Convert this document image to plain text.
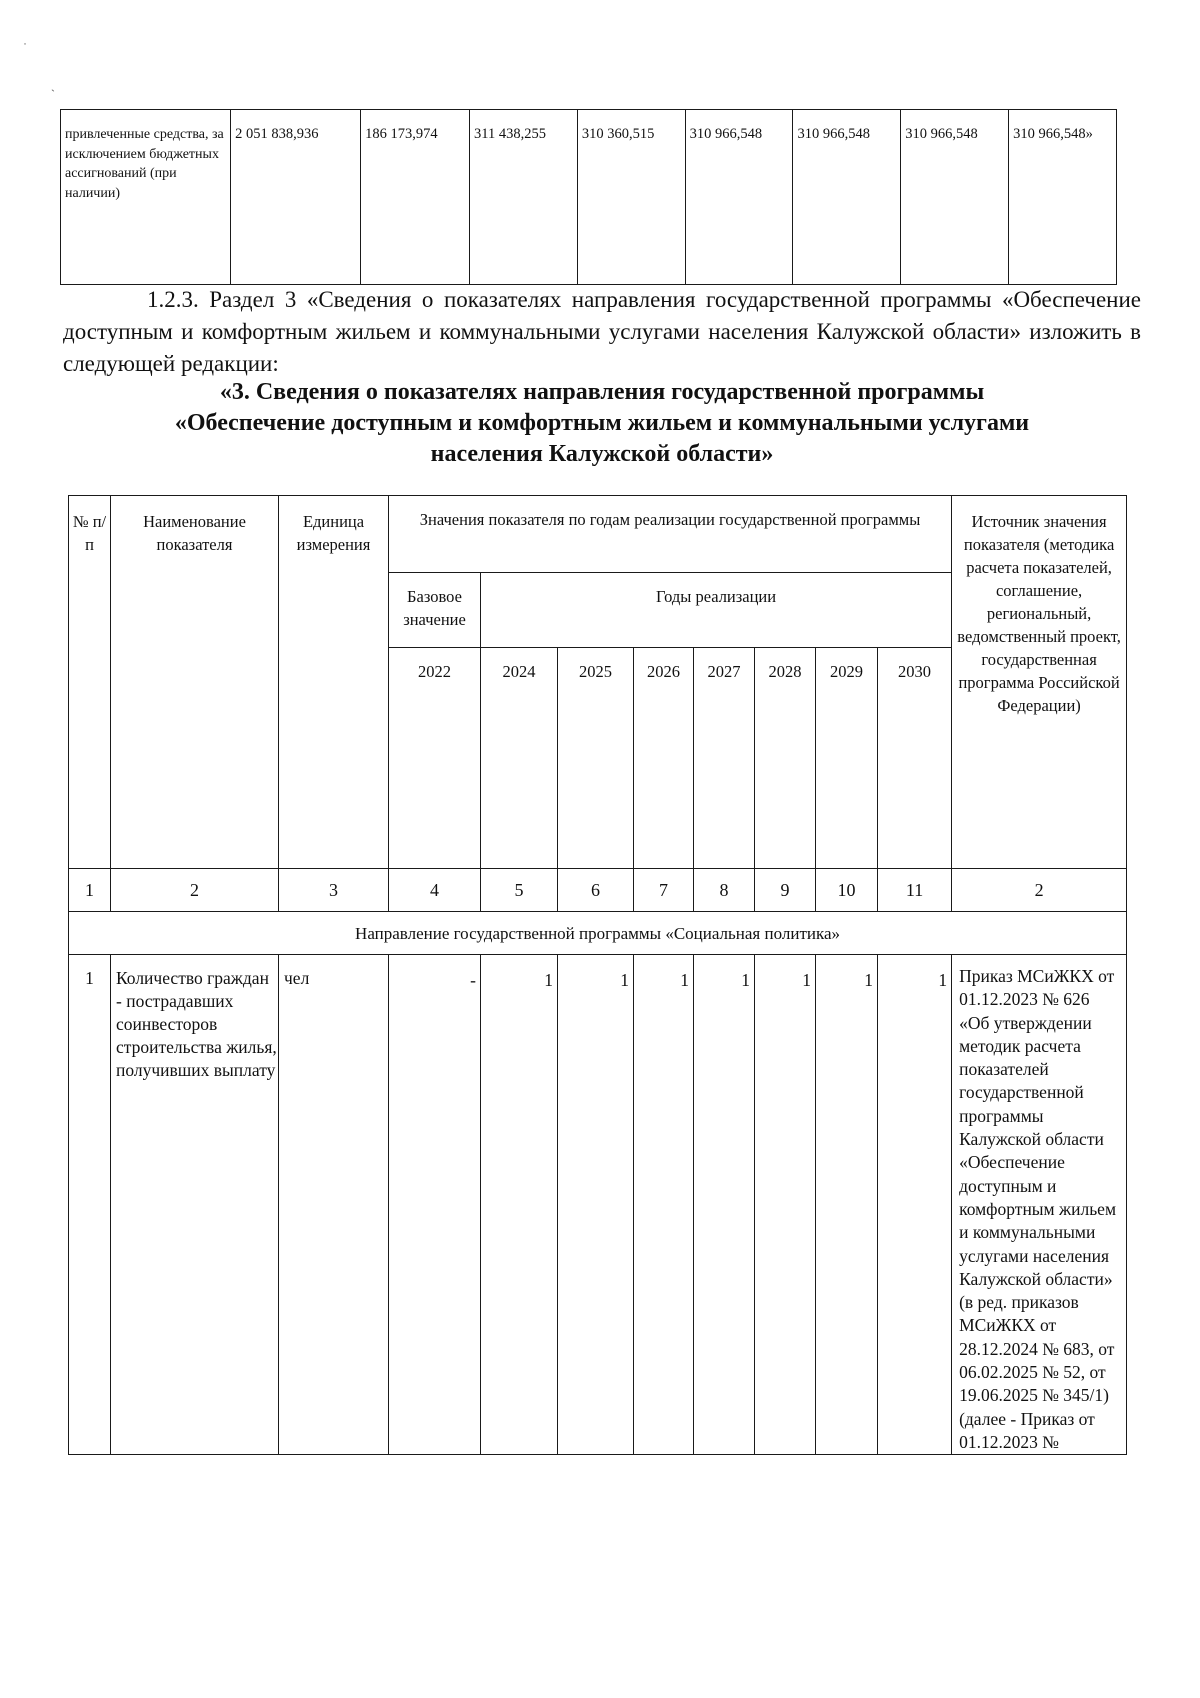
˙
ˏ
привлеченные средства, за исключением бюджетных ассигнований (при наличии)	2 051 838,936	186 173,974	311 438,255	310 360,515	310 966,548	310 966,548	310 966,548	310 966,548»

1.2.3. Раздел 3 «Сведения о показателях направления государственной программы «Обеспечение доступным и комфортным жильем и коммунальными услугами населения Калужской области» изложить в следующей редакции:

«3. Сведения о показателях направления государственной программы
«Обеспечение доступным и комфортным жильем и коммунальными услугами
населения Калужской области»
№ п/п	Наименование показателя	Единица измерения	Значения показателя по годам реализации государственной программы								Источник значения показателя (методика расчета показателей, соглашение, региональный, ведомственный проект, государственная программа Российской Федерации)
			Базовое значение	Годы реализации							
			2022	2024	2025	2026	2027	2028	2029	2030	
1	2	3	4	5	6	7	8	9	10	11	2
Направление государственной программы «Социальная политика»											
1	Количество граждан - пострадавших соинвесторов строительства жилья, получивших выплату	чел	-	1	1	1	1	1	1	1	Приказ МСиЖКХ от 01.12.2023 № 626 «Об утверждении методик расчета показателей государственной программы Калужской области «Обеспечение доступным и комфортным жильем и коммунальными услугами населения Калужской области» (в ред. приказов МСиЖКХ от 28.12.2024 № 683, от 06.02.2025 № 52, от 19.06.2025 № 345/1) (далее - Приказ от 01.12.2023 №
